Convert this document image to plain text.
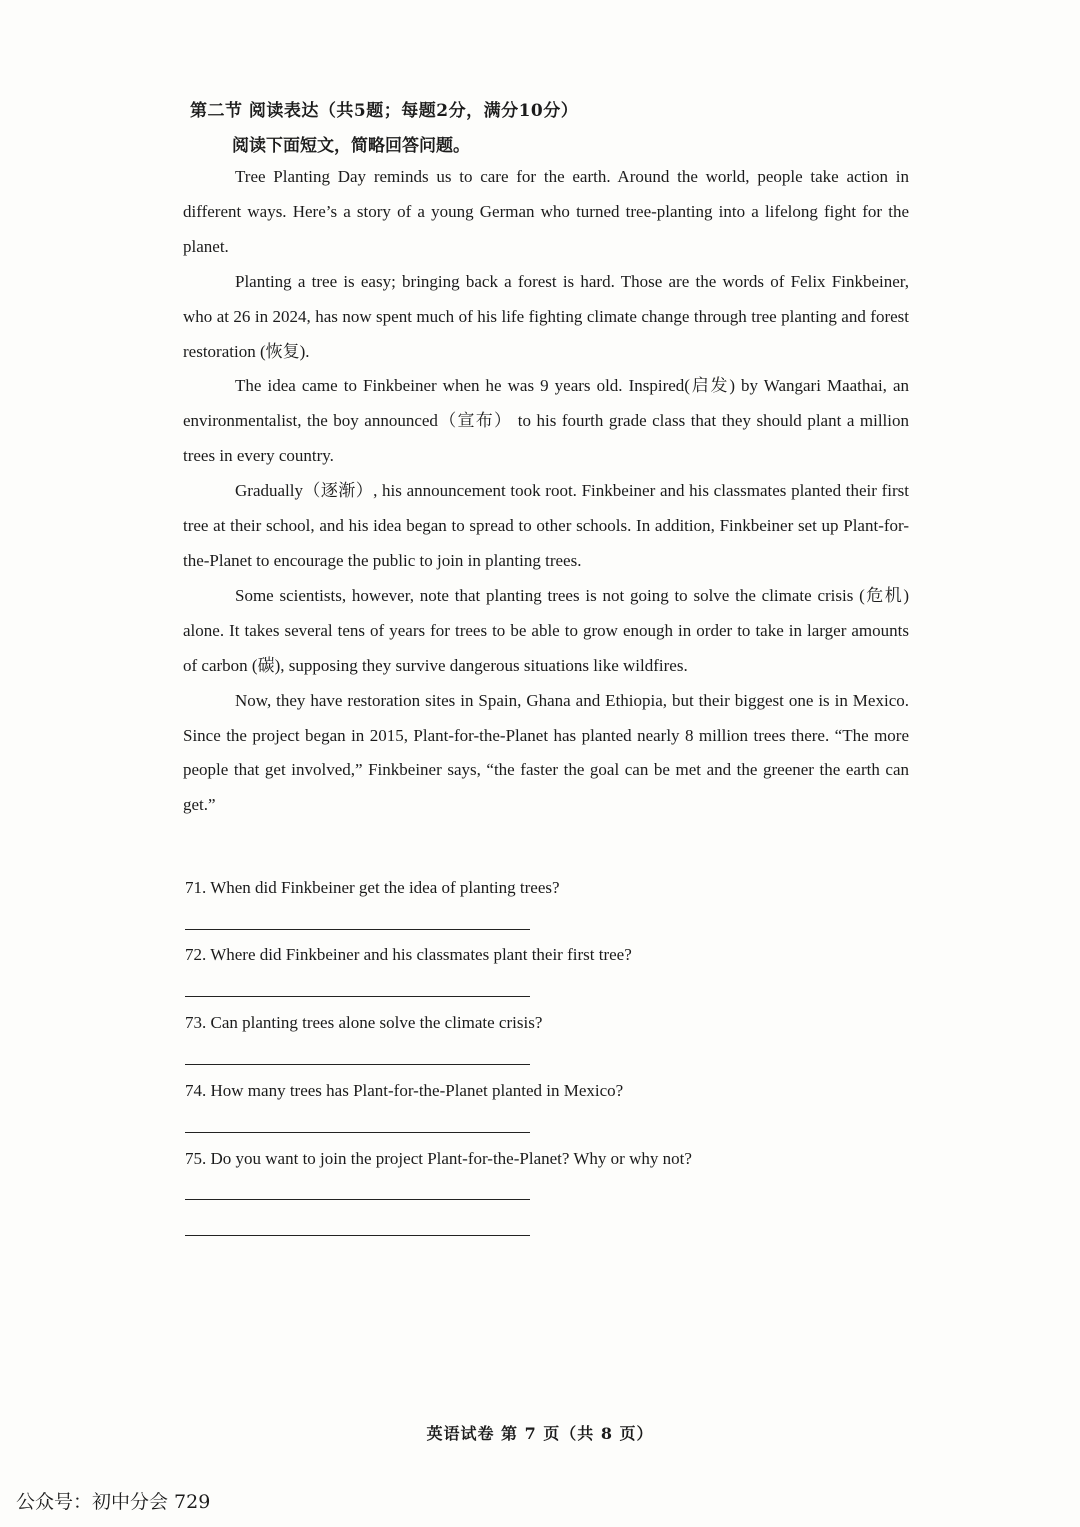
第二节 阅读表达（共5题；每题2分，满分10分）
阅读下面短文，简略回答问题。

Tree Planting Day reminds us to care for the earth. Around the world, people take action in different ways. Here’s a story of a young German who turned tree-planting into a lifelong fight for the planet.

Planting a tree is easy; bringing back a forest is hard. Those are the words of Felix Finkbeiner, who at 26 in 2024, has now spent much of his life fighting climate change through tree planting and forest restoration (恢复).

The idea came to Finkbeiner when he was 9 years old. Inspired(启发) by Wangari Maathai, an environmentalist, the boy announced（宣布） to his fourth grade class that they should plant a million trees in every country.

Gradually（逐渐）, his announcement took root. Finkbeiner and his classmates planted their first tree at their school, and his idea began to spread to other schools. In addition, Finkbeiner set up Plant-for-the-Planet to encourage the public to join in planting trees.

Some scientists, however, note that planting trees is not going to solve the climate crisis (危机) alone. It takes several tens of years for trees to be able to grow enough in order to take in larger amounts of carbon (碳), supposing they survive dangerous situations like wildfires.

Now, they have restoration sites in Spain, Ghana and Ethiopia, but their biggest one is in Mexico. Since the project began in 2015, Plant-for-the-Planet has planted nearly 8 million trees there. “The more people that get involved,” Finkbeiner says, “the faster the goal can be met and the greener the earth can get.”

71. When did Finkbeiner get the idea of planting trees?
72. Where did Finkbeiner and his classmates plant their first tree?
73. Can planting trees alone solve the climate crisis?
74. How many trees has Plant-for-the-Planet planted in Mexico?
75. Do you want to join the project Plant-for-the-Planet? Why or why not?
英语试卷 第 7 页（共 8 页）
公众号：初中分会 729
